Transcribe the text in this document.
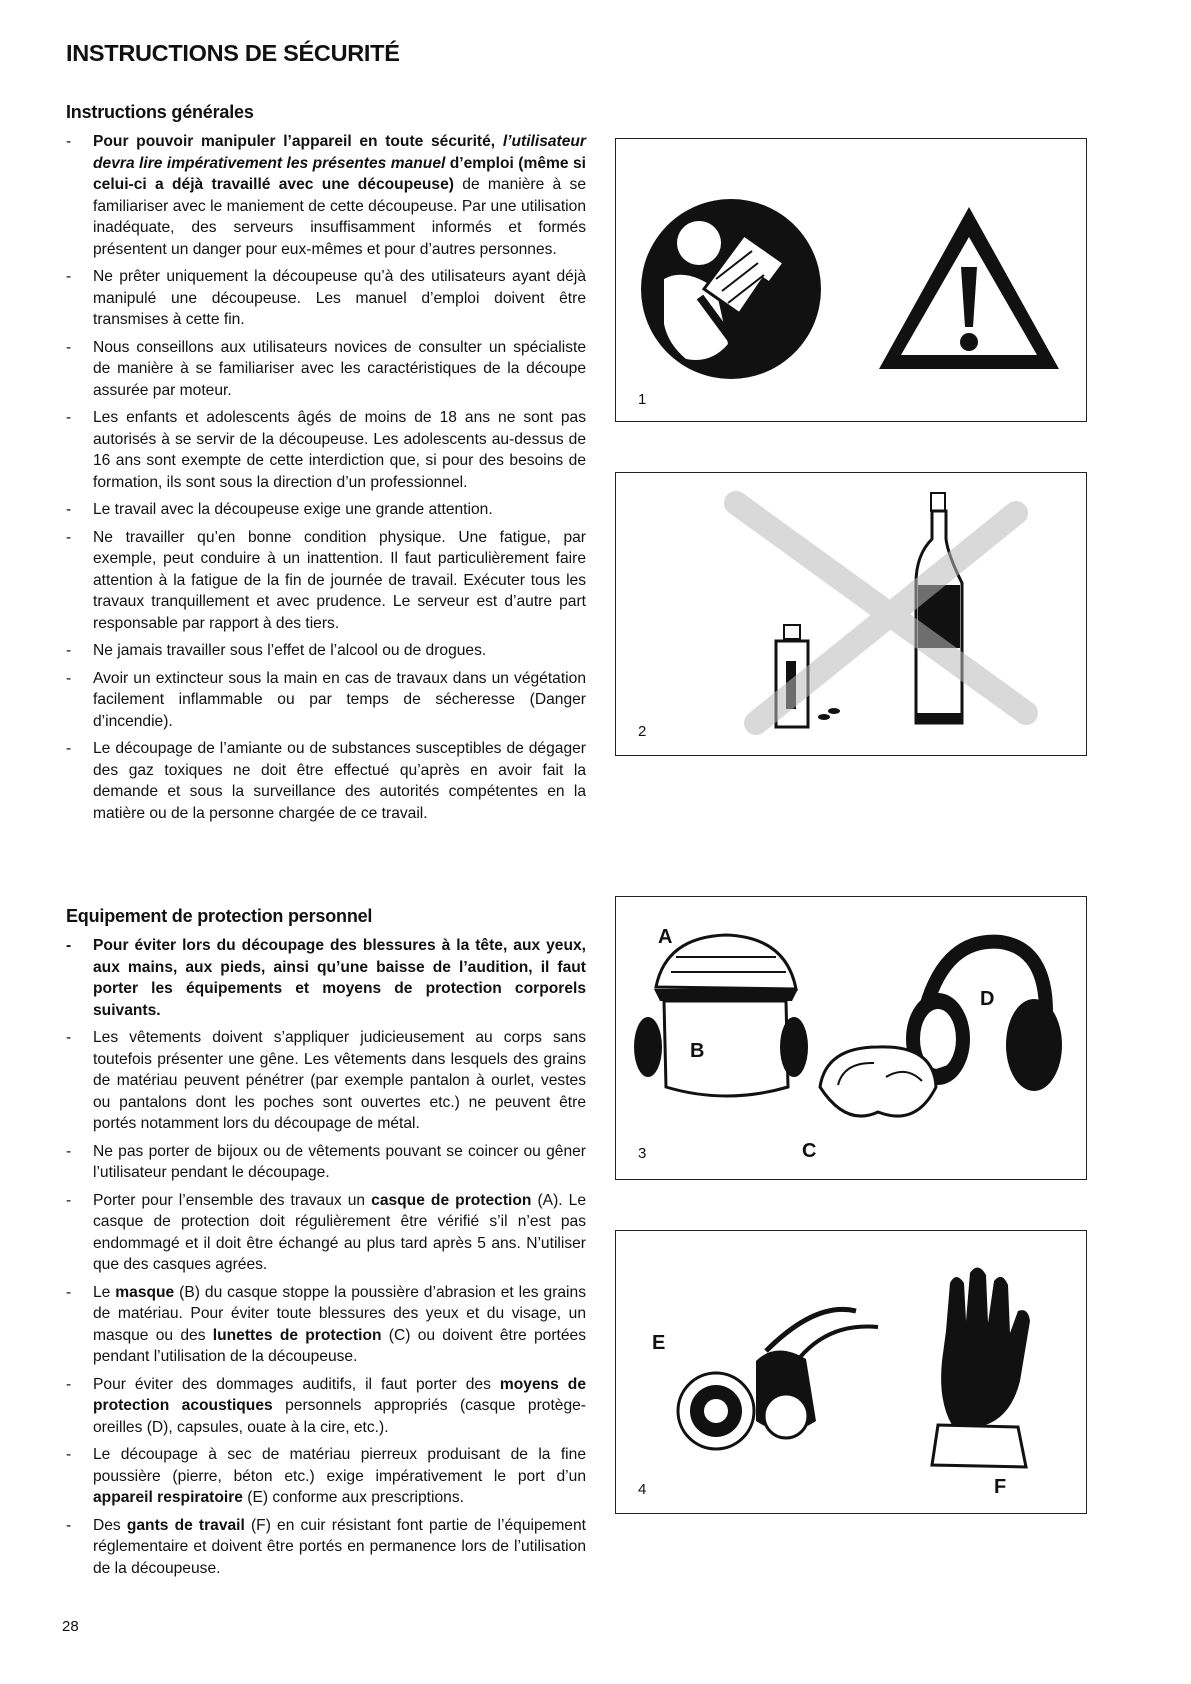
INSTRUCTIONS DE SÉCURITÉ
Instructions générales
- Pour pouvoir manipuler l’appareil en toute sécurité, l’utilisateur devra lire impérativement les présentes manuel d’emploi (même si celui-ci a déjà travaillé avec une découpeuse) de manière à se familiariser avec le maniement de cette découpeuse. Par une utilisation inadéquate, des serveurs insuffisamment informés et formés présentent un danger pour eux-mêmes et pour d’autres personnes.
- Ne prêter uniquement la découpeuse qu’à des utilisateurs ayant déjà manipulé une découpeuse. Les manuel d’emploi doivent être transmises à cette fin.
- Nous conseillons aux utilisateurs novices de consulter un spécialiste de manière à se familiariser avec les caractéristiques de la découpe assurée par moteur.
- Les enfants et adolescents âgés de moins de 18 ans ne sont pas autorisés à se servir de la découpeuse. Les adolescents au-dessus de 16 ans sont exempte de cette interdiction que, si pour des besoins de formation, ils sont sous la direction d’un professionnel.
- Le travail avec la découpeuse exige une grande attention.
- Ne travailler qu’en bonne condition physique. Une fatigue, par exemple, peut conduire à un inattention. Il faut particulièrement faire attention à la fatigue de la fin de journée de travail. Exécuter tous les travaux tranquillement et avec prudence. Le serveur est d’autre part responsable par rapport à des tiers.
- Ne jamais travailler sous l’effet de l’alcool ou de drogues.
- Avoir un extincteur sous la main en cas de travaux dans un végétation facilement inflammable ou par temps de sécheresse (Danger d’incendie).
- Le découpage de l’amiante ou de substances susceptibles de dégager des gaz toxiques ne doit être effectué qu’après en avoir fait la demande et sous la surveillance des autorités compétentes en la matière ou de la personne chargée de ce travail.
Equipement de protection personnel
- Pour éviter lors du découpage des blessures à la tête, aux yeux, aux mains, aux pieds, ainsi qu’une baisse de l’audition, il faut porter les équipements et moyens de protection corporels suivants.
- Les vêtements doivent s’appliquer judicieusement au corps sans toutefois présenter une gêne. Les vêtements dans lesquels des grains de matériau peuvent pénétrer (par exemple pantalon à ourlet, vestes ou pantalons dont les poches sont ouvertes etc.) ne peuvent être portés notamment lors du découpage de métal.
- Ne pas porter de bijoux ou de vêtements pouvant se coincer ou gêner l’utilisateur pendant le découpage.
- Porter pour l’ensemble des travaux un casque de protection (A). Le casque de protection doit régulièrement être vérifié s’il n’est pas endommagé et il doit être échangé au plus tard après 5 ans. N’utiliser que des casques agrées.
- Le masque (B) du casque stoppe la poussière d’abrasion et les grains de matériau. Pour éviter toute blessures des yeux et du visage, un masque ou des lunettes de protection (C) ou doivent être portées pendant l’utilisation de la découpeuse.
- Pour éviter des dommages auditifs, il faut porter des moyens de protection acoustiques personnels appropriés (casque protège-oreilles (D), capsules, ouate à la cire, etc.).
- Le découpage à sec de matériau pierreux produisant de la fine poussière (pierre, béton etc.) exige impérativement le port d’un appareil respiratoire (E) conforme aux prescriptions.
- Des gants de travail (F) en cuir résistant font partie de l’équipement réglementaire et doivent être portés en permanence lors de l’utilisation de la découpeuse.
1
2
A
B
C
D
3
E
F
4
28
